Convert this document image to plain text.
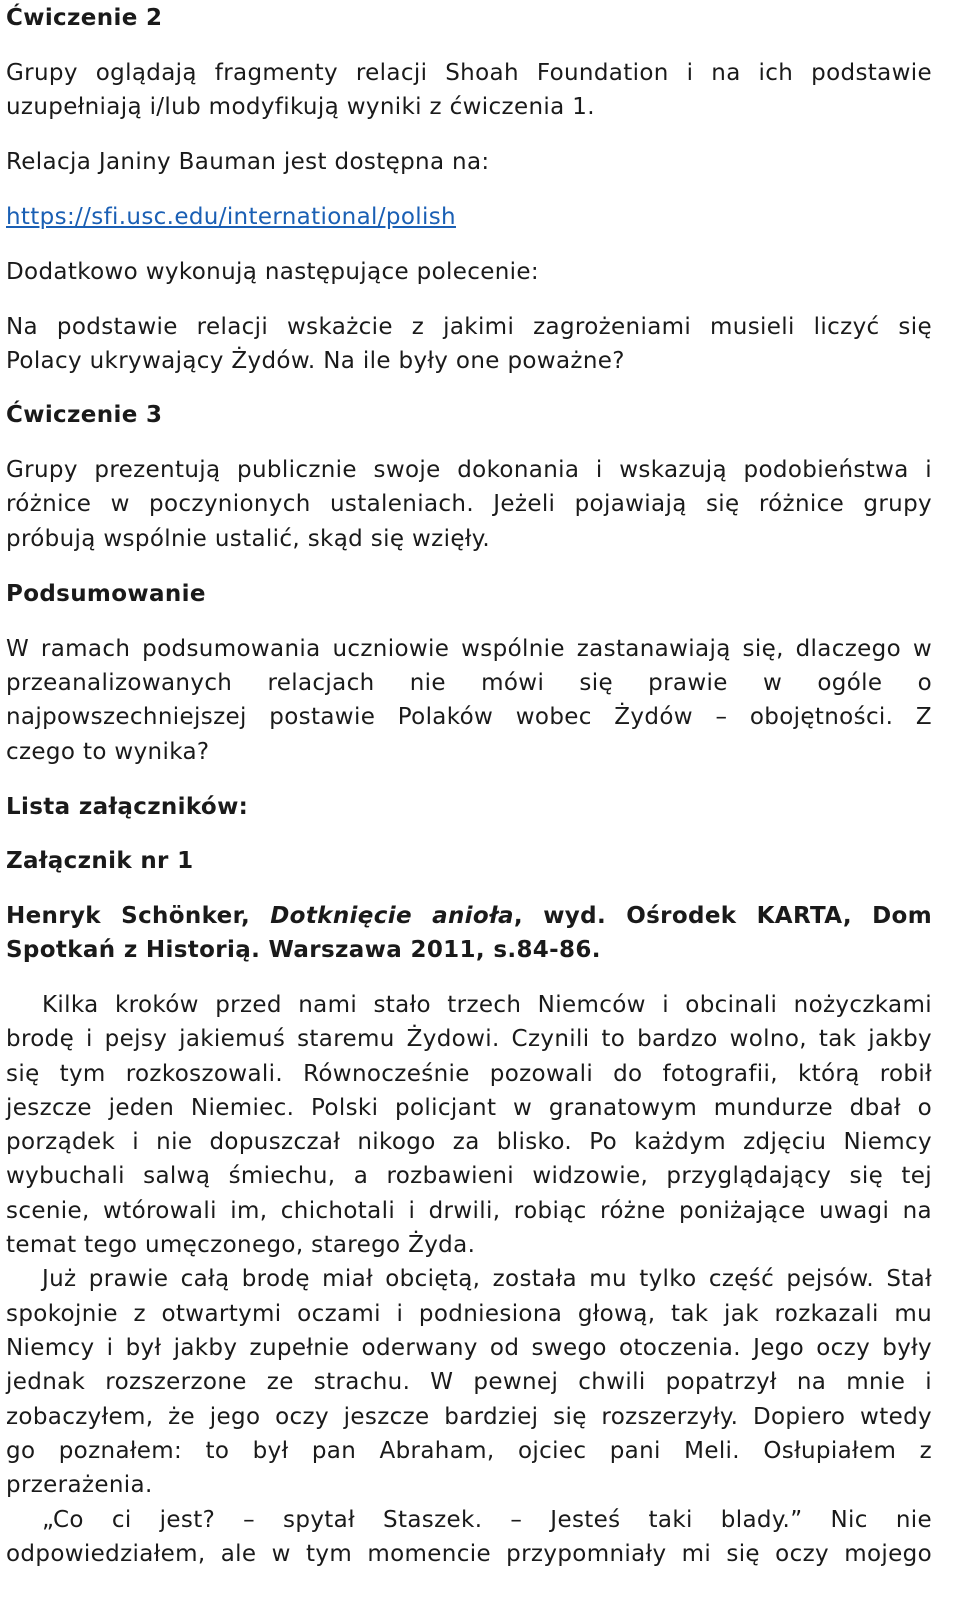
Ćwiczenie 2
Grupy oglądają fragmenty relacji Shoah Foundation i na ich podstawie
uzupełniają i/lub modyfikują wyniki z ćwiczenia 1.
Relacja Janiny Bauman jest dostępna na:
https://sfi.usc.edu/international/polish
Dodatkowo wykonują następujące polecenie:
Na podstawie relacji wskażcie z jakimi zagrożeniami musieli liczyć się
Polacy ukrywający Żydów. Na ile były one poważne?
Ćwiczenie 3
Grupy prezentują publicznie swoje dokonania i wskazują podobieństwa i
różnice w poczynionych ustaleniach. Jeżeli pojawiają się różnice grupy
próbują wspólnie ustalić, skąd się wzięły.
Podsumowanie
W ramach podsumowania uczniowie wspólnie zastanawiają się, dlaczego w
przeanalizowanych relacjach nie mówi się prawie w ogóle o
najpowszechniejszej postawie Polaków wobec Żydów – obojętności. Z
czego to wynika?
Lista załączników:
Załącznik nr 1
Henryk Schönker, Dotknięcie anioła, wyd. Ośrodek KARTA, Dom
Spotkań z Historią. Warszawa 2011, s.84-86.
Kilka kroków przed nami stało trzech Niemców i obcinali nożyczkami
brodę i pejsy jakiemuś staremu Żydowi. Czynili to bardzo wolno, tak jakby
się tym rozkoszowali. Równocześnie pozowali do fotografii, którą robił
jeszcze jeden Niemiec. Polski policjant w granatowym mundurze dbał o
porządek i nie dopuszczał nikogo za blisko. Po każdym zdjęciu Niemcy
wybuchali salwą śmiechu, a rozbawieni widzowie, przyglądający się tej
scenie, wtórowali im, chichotali i drwili, robiąc różne poniżające uwagi na
temat tego umęczonego, starego Żyda.
Już prawie całą brodę miał obciętą, została mu tylko część pejsów. Stał
spokojnie z otwartymi oczami i podniesiona głową, tak jak rozkazali mu
Niemcy i był jakby zupełnie oderwany od swego otoczenia. Jego oczy były
jednak rozszerzone ze strachu. W pewnej chwili popatrzył na mnie i
zobaczyłem, że jego oczy jeszcze bardziej się rozszerzyły. Dopiero wtedy
go poznałem: to był pan Abraham, ojciec pani Meli. Osłupiałem z
przerażenia.
„Co ci jest? – spytał Staszek. – Jesteś taki blady.” Nic nie
odpowiedziałem, ale w tym momencie przypomniały mi się oczy mojego
